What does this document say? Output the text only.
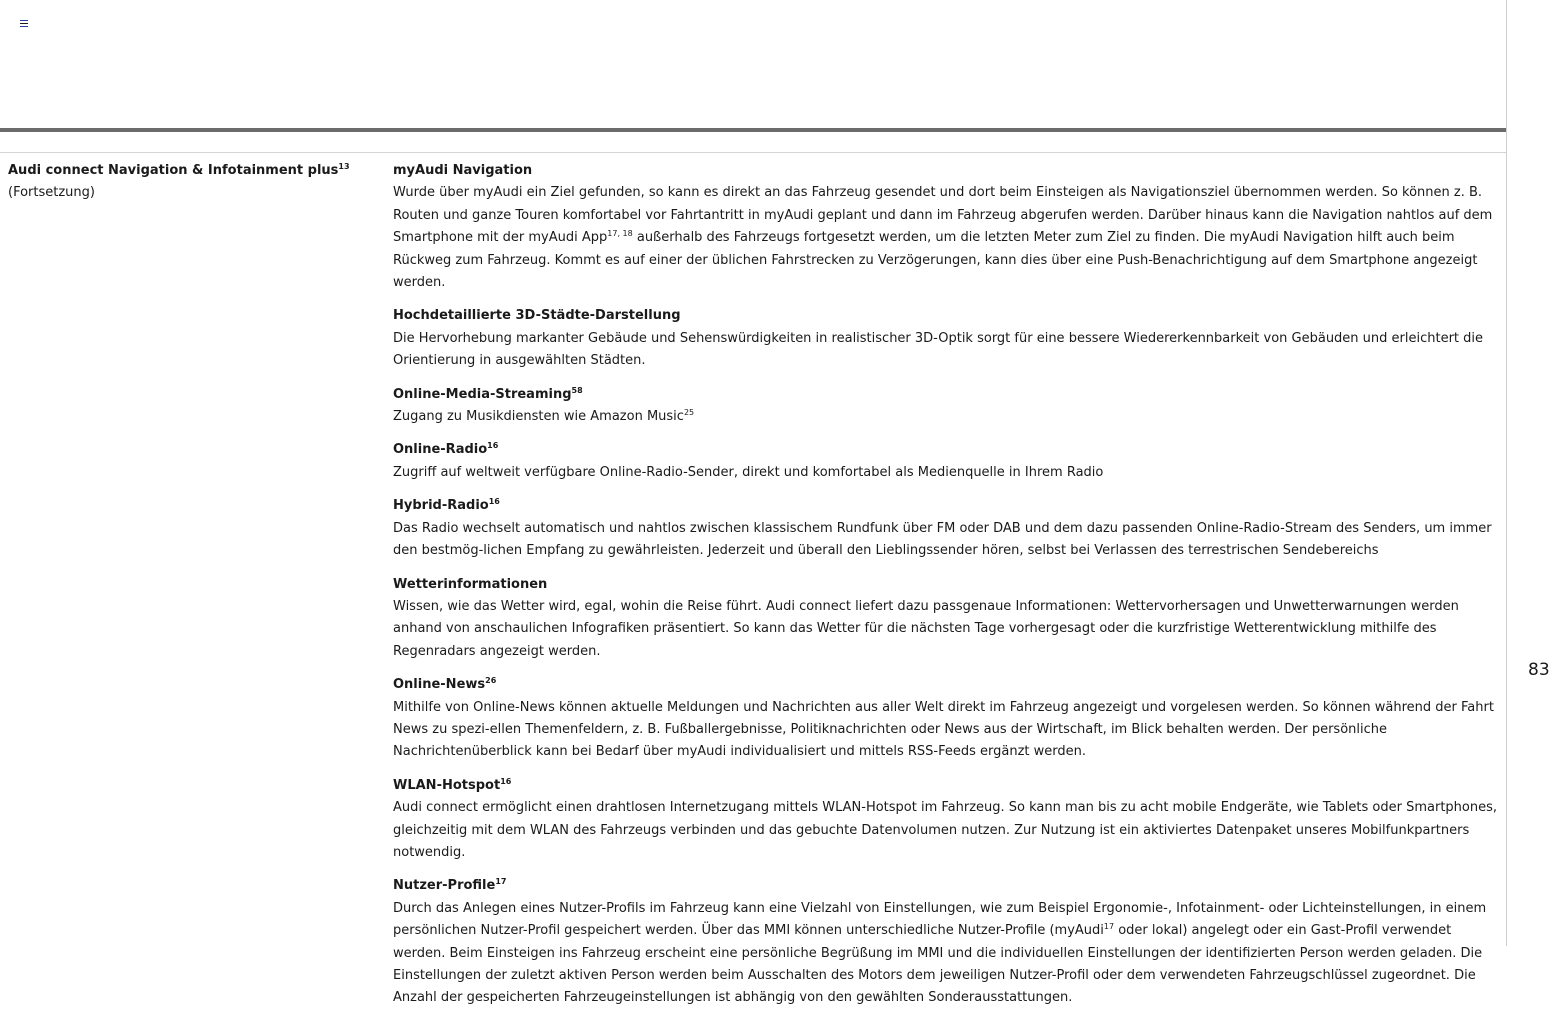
Audi connect Navigation & Infotainment plus$^{13}$
(Fortsetzung)
myAudi Navigation
Wurde über myAudi ein Ziel gefunden, so kann es direkt an das Fahrzeug gesendet und dort beim Einsteigen als Navigationsziel übernommen werden. So können z. B. Routen und ganze Touren komfortabel vor Fahrtantritt in myAudi geplant und dann im Fahrzeug abgerufen werden. Darüber hinaus kann die Navigation nahtlos auf dem Smartphone mit der myAudi App$^{17, 18}$ außerhalb des Fahrzeugs fortgesetzt werden, um die letzten Meter zum Ziel zu finden. Die myAudi Navigation hilft auch beim Rückweg zum Fahrzeug. Kommt es auf einer der üblichen Fahrstrecken zu Verzögerungen, kann dies über eine Push-Benachrichtigung auf dem Smartphone angezeigt werden.
Hochdetaillierte 3D-Städte-Darstellung
Die Hervorhebung markanter Gebäude und Sehenswürdigkeiten in realistischer 3D-Optik sorgt für eine bessere Wiedererkennbarkeit von Gebäuden und erleichtert die Orientierung in ausgewählten Städten.
Online-Media-Streaming$^{58}$
Zugang zu Musikdiensten wie Amazon Music$^{25}$
Online-Radio$^{16}$
Zugriff auf weltweit verfügbare Online-Radio-Sender, direkt und komfortabel als Medienquelle in Ihrem Radio
Hybrid-Radio$^{16}$
Das Radio wechselt automatisch und nahtlos zwischen klassischem Rundfunk über FM oder DAB und dem dazu passenden Online-Radio-Stream des Senders, um immer den bestmög-lichen Empfang zu gewährleisten. Jederzeit und überall den Lieblingssender hören, selbst bei Verlassen des terrestrischen Sendebereichs
Wetterinformationen
Wissen, wie das Wetter wird, egal, wohin die Reise führt. Audi connect liefert dazu passgenaue Informationen: Wettervorhersagen und Unwetterwarnungen werden anhand von anschaulichen Infografiken präsentiert. So kann das Wetter für die nächsten Tage vorhergesagt oder die kurzfristige Wetterentwicklung mithilfe des Regenradars angezeigt werden.
Online-News$^{26}$
Mithilfe von Online-News können aktuelle Meldungen und Nachrichten aus aller Welt direkt im Fahrzeug angezeigt und vorgelesen werden. So können während der Fahrt News zu spezi-ellen Themenfeldern, z. B. Fußballergebnisse, Politiknachrichten oder News aus der Wirtschaft, im Blick behalten werden. Der persönliche Nachrichtenüberblick kann bei Bedarf über myAudi individualisiert und mittels RSS-Feeds ergänzt werden.
WLAN-Hotspot$^{16}$
Audi connect ermöglicht einen drahtlosen Internetzugang mittels WLAN-Hotspot im Fahrzeug. So kann man bis zu acht mobile Endgeräte, wie Tablets oder Smartphones, gleichzeitig mit dem WLAN des Fahrzeugs verbinden und das gebuchte Datenvolumen nutzen. Zur Nutzung ist ein aktiviertes Datenpaket unseres Mobilfunkpartners notwendig.
Nutzer-Profile$^{17}$
Durch das Anlegen eines Nutzer-Profils im Fahrzeug kann eine Vielzahl von Einstellungen, wie zum Beispiel Ergonomie-, Infotainment- oder Lichteinstellungen, in einem persönlichen Nutzer-Profil gespeichert werden. Über das MMI können unterschiedliche Nutzer-Profile (myAudi$^{17}$ oder lokal) angelegt oder ein Gast-Profil verwendet werden. Beim Einsteigen ins Fahrzeug erscheint eine persönliche Begrüßung im MMI und die individuellen Einstellungen der identifizierten Person werden geladen. Die Einstellungen der zuletzt aktiven Person werden beim Ausschalten des Motors dem jeweiligen Nutzer-Profil oder dem verwendeten Fahrzeugschlüssel zugeordnet. Die Anzahl der gespeicherten Fahrzeugeinstellungen ist abhängig von den gewählten Sonderausstattungen.
83
